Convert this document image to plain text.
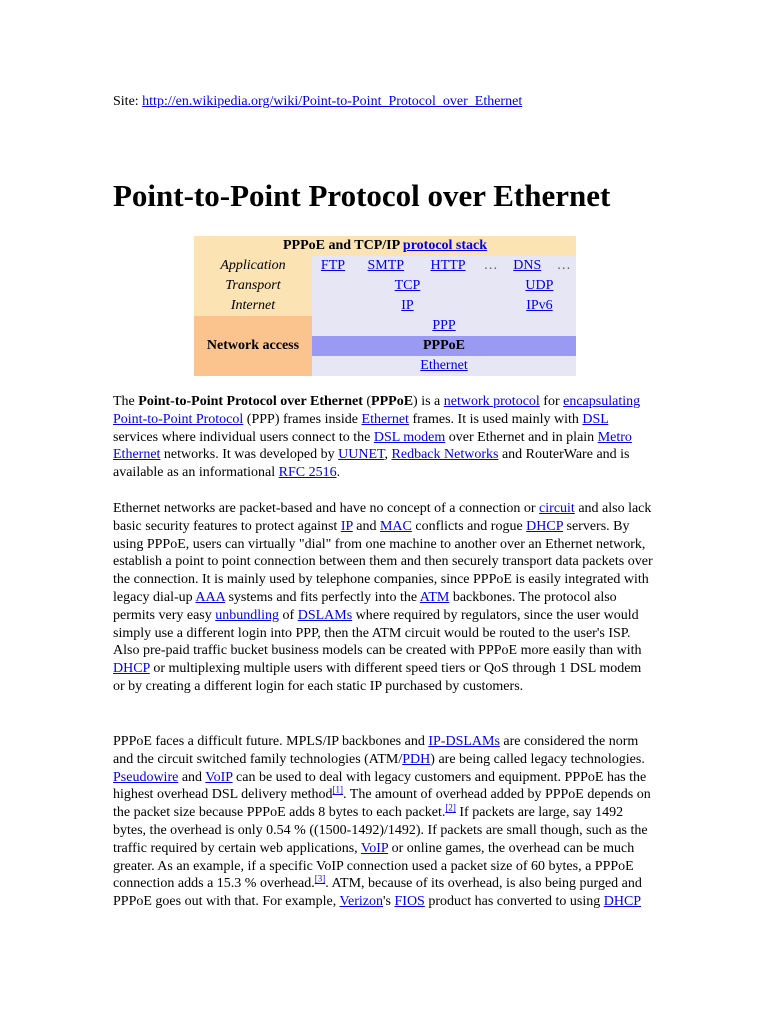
Site: http://en.wikipedia.org/wiki/Point-to-Point_Protocol_over_Ethernet
Point-to-Point Protocol over Ethernet
PPPoE and TCP/IP protocol stack						
Application	FTP	SMTP	HTTP	…	DNS	…
Transport	TCP				UDP	
Internet	IP				IPv6	
Network access	PPP					
	PPPoE					
	Ethernet					
The Point-to-Point Protocol over Ethernet (PPPoE) is a network protocol for encapsulating Point-to-Point Protocol (PPP) frames inside Ethernet frames. It is used mainly with DSL services where individual users connect to the DSL modem over Ethernet and in plain Metro Ethernet networks. It was developed by UUNET, Redback Networks and RouterWare and is available as an informational RFC 2516.
Ethernet networks are packet-based and have no concept of a connection or circuit and also lack basic security features to protect against IP and MAC conflicts and rogue DHCP servers. By using PPPoE, users can virtually "dial" from one machine to another over an Ethernet network, establish a point to point connection between them and then securely transport data packets over the connection. It is mainly used by telephone companies, since PPPoE is easily integrated with legacy dial-up AAA systems and fits perfectly into the ATM backbones. The protocol also permits very easy unbundling of DSLAMs where required by regulators, since the user would simply use a different login into PPP, then the ATM circuit would be routed to the user's ISP. Also pre-paid traffic bucket business models can be created with PPPoE more easily than with DHCP or multiplexing multiple users with different speed tiers or QoS through 1 DSL modem or by creating a different login for each static IP purchased by customers.
PPPoE faces a difficult future. MPLS/IP backbones and IP-DSLAMs are considered the norm and the circuit switched family technologies (ATM/PDH) are being called legacy technologies. Pseudowire and VoIP can be used to deal with legacy customers and equipment. PPPoE has the highest overhead DSL delivery method[1]. The amount of overhead added by PPPoE depends on the packet size because PPPoE adds 8 bytes to each packet.[2] If packets are large, say 1492 bytes, the overhead is only 0.54 % ((1500-1492)/1492). If packets are small though, such as the traffic required by certain web applications, VoIP or online games, the overhead can be much greater. As an example, if a specific VoIP connection used a packet size of 60 bytes, a PPPoE connection adds a 15.3 % overhead.[3]. ATM, because of its overhead, is also being purged and PPPoE goes out with that. For example, Verizon's FIOS product has converted to using DHCP
